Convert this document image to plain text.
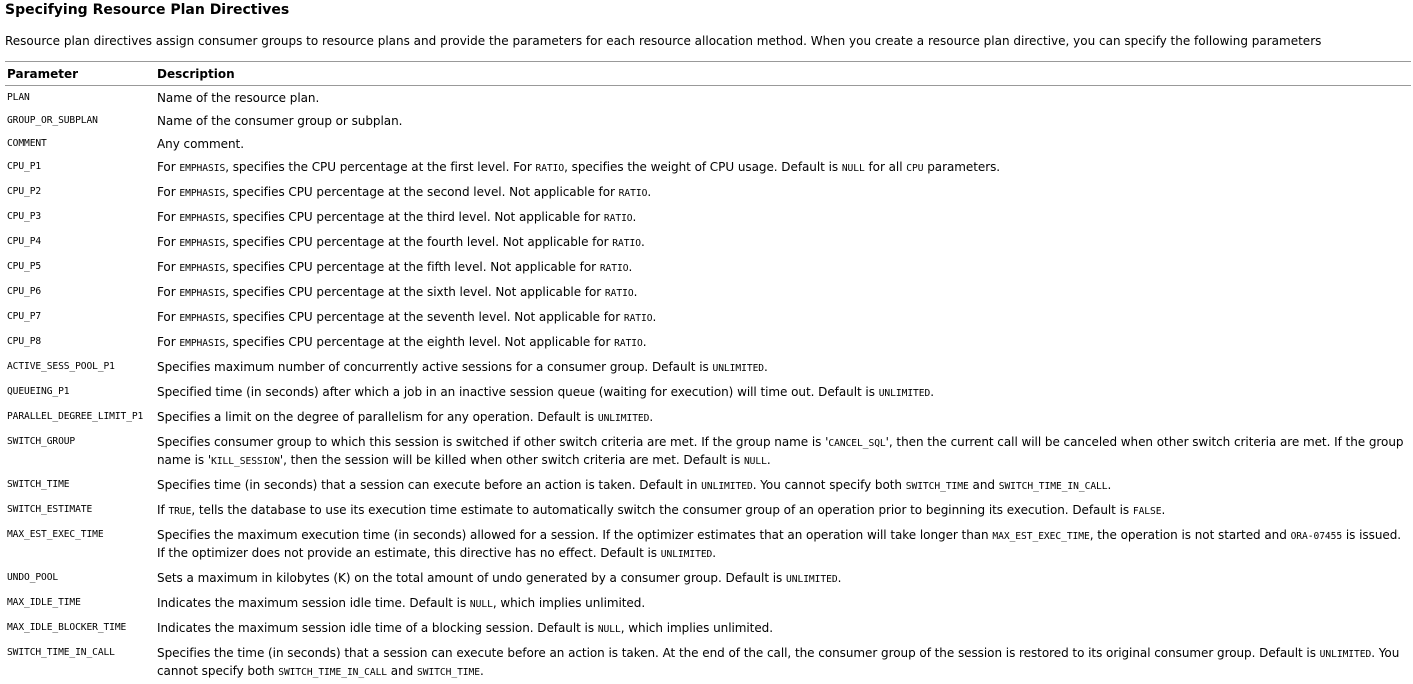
Specifying Resource Plan Directives
Resource plan directives assign consumer groups to resource plans and provide the parameters for each resource allocation method. When you create a resource plan directive, you can specify the following parameters
Parameter	Description
PLAN	Name of the resource plan.
GROUP_OR_SUBPLAN	Name of the consumer group or subplan.
COMMENT	Any comment.
CPU_P1	For EMPHASIS, specifies the CPU percentage at the first level. For RATIO, specifies the weight of CPU usage. Default is NULL for all CPU parameters.
CPU_P2	For EMPHASIS, specifies CPU percentage at the second level. Not applicable for RATIO.
CPU_P3	For EMPHASIS, specifies CPU percentage at the third level. Not applicable for RATIO.
CPU_P4	For EMPHASIS, specifies CPU percentage at the fourth level. Not applicable for RATIO.
CPU_P5	For EMPHASIS, specifies CPU percentage at the fifth level. Not applicable for RATIO.
CPU_P6	For EMPHASIS, specifies CPU percentage at the sixth level. Not applicable for RATIO.
CPU_P7	For EMPHASIS, specifies CPU percentage at the seventh level. Not applicable for RATIO.
CPU_P8	For EMPHASIS, specifies CPU percentage at the eighth level. Not applicable for RATIO.
ACTIVE_SESS_POOL_P1	Specifies maximum number of concurrently active sessions for a consumer group. Default is UNLIMITED.
QUEUEING_P1	Specified time (in seconds) after which a job in an inactive session queue (waiting for execution) will time out. Default is UNLIMITED.
PARALLEL_DEGREE_LIMIT_P1	Specifies a limit on the degree of parallelism for any operation. Default is UNLIMITED.
SWITCH_GROUP	Specifies consumer group to which this session is switched if other switch criteria are met. If the group name is 'CANCEL_SQL', then the current call will be canceled when other switch criteria are met. If the group name is 'KILL_SESSION', then the session will be killed when other switch criteria are met. Default is NULL.
SWITCH_TIME	Specifies time (in seconds) that a session can execute before an action is taken. Default in UNLIMITED. You cannot specify both SWITCH_TIME and SWITCH_TIME_IN_CALL.
SWITCH_ESTIMATE	If TRUE, tells the database to use its execution time estimate to automatically switch the consumer group of an operation prior to beginning its execution. Default is FALSE.
MAX_EST_EXEC_TIME	Specifies the maximum execution time (in seconds) allowed for a session. If the optimizer estimates that an operation will take longer than MAX_EST_EXEC_TIME, the operation is not started and ORA-07455 is issued. If the optimizer does not provide an estimate, this directive has no effect. Default is UNLIMITED.
UNDO_POOL	Sets a maximum in kilobytes (K) on the total amount of undo generated by a consumer group. Default is UNLIMITED.
MAX_IDLE_TIME	Indicates the maximum session idle time. Default is NULL, which implies unlimited.
MAX_IDLE_BLOCKER_TIME	Indicates the maximum session idle time of a blocking session. Default is NULL, which implies unlimited.
SWITCH_TIME_IN_CALL	Specifies the time (in seconds) that a session can execute before an action is taken. At the end of the call, the consumer group of the session is restored to its original consumer group. Default is UNLIMITED. You cannot specify both SWITCH_TIME_IN_CALL and SWITCH_TIME.
